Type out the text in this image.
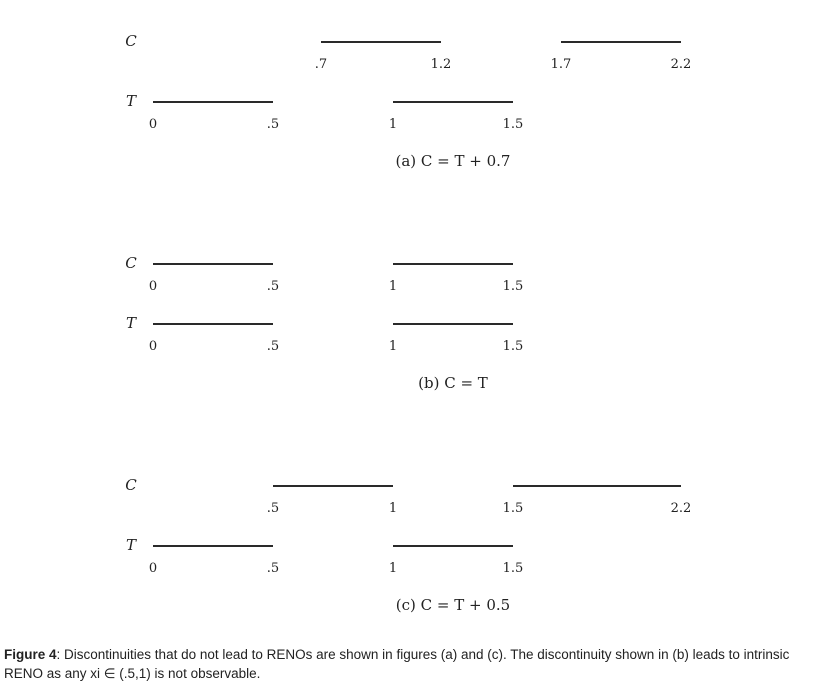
C
.7	1.2	1.7	2.2
T
0	.5	1	1.5
(a) C = T + 0.7
C
0	.5	1	1.5
T
0	.5	1	1.5
(b) C = T
C
.5	1	1.5	2.2
T
0	.5	1	1.5
(c) C = T + 0.5
Figure 4: Discontinuities that do not lead to RENOs are shown in figures (a) and (c). The discontinuity shown in (b) leads to intrinsic RENO as any xi ∈ (.5,1) is not observable.
